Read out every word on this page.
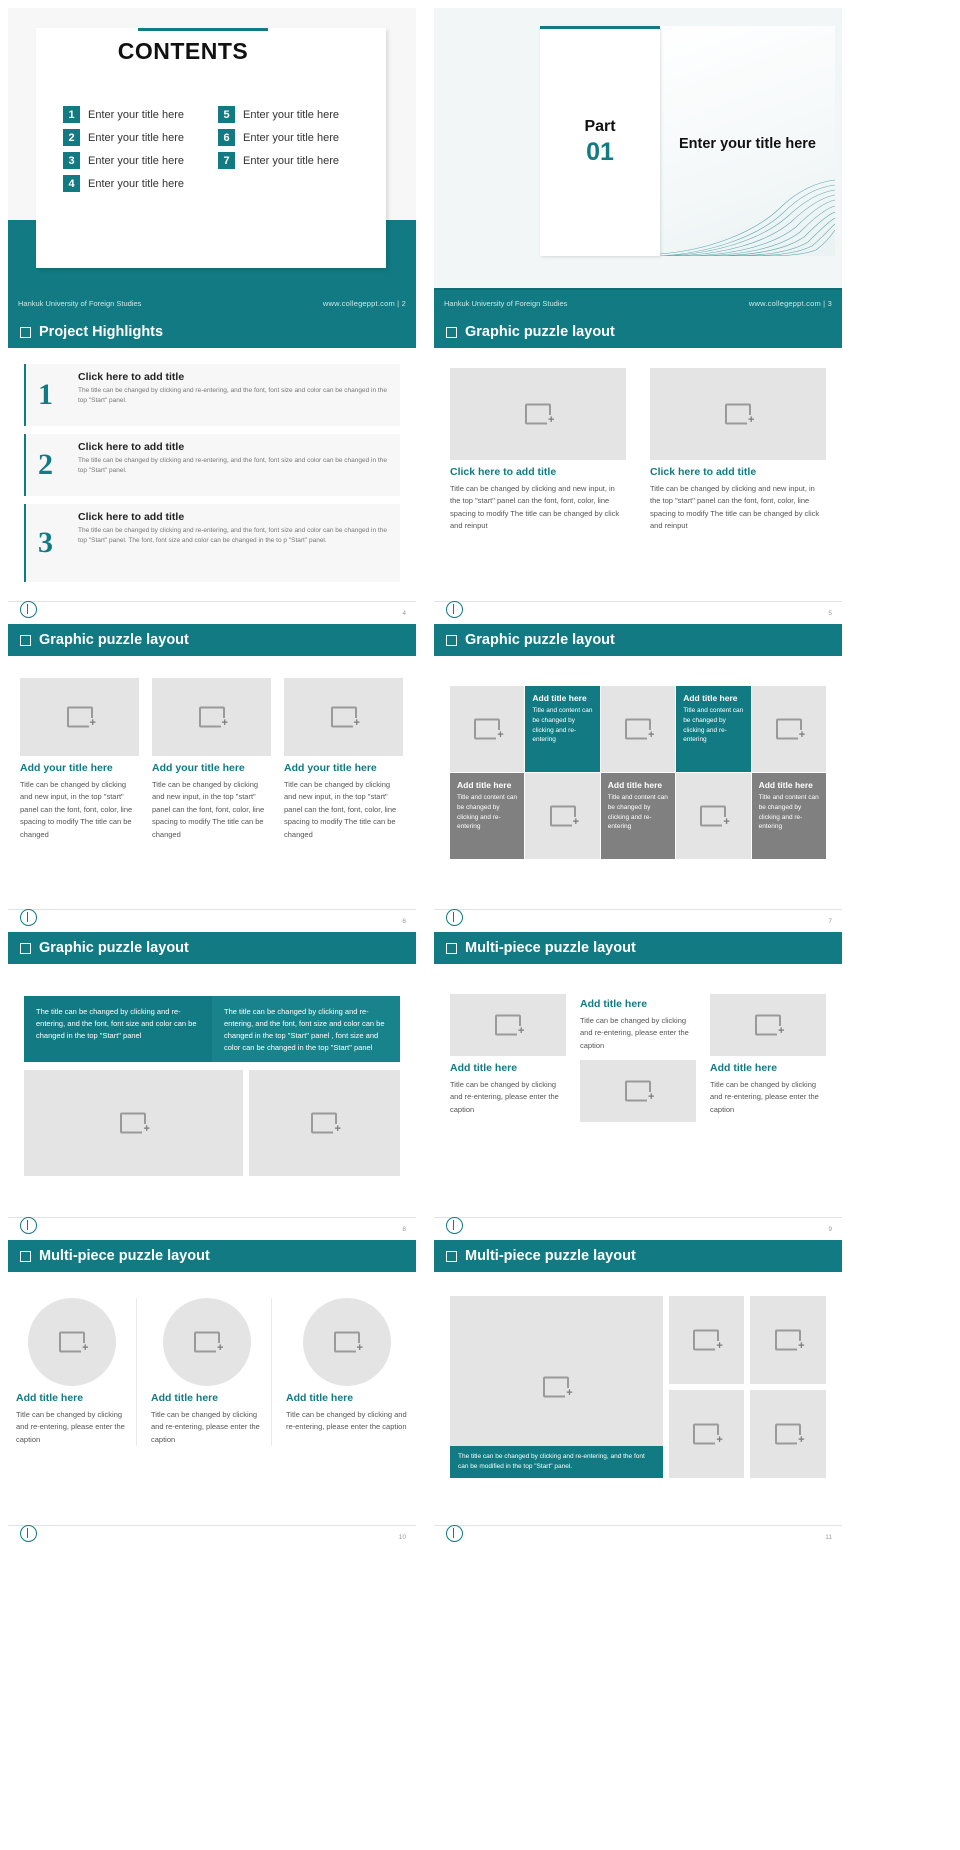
CONTENTS
1	Enter your title here	5	Enter your title here
2	Enter your title here	6	Enter your title here
3	Enter your title here	7	Enter your title here
4	Enter your title here
Hankuk University of Foreign Studies	www.collegeppt.com | 2
Enter your title here
Part
01
Hankuk University of Foreign Studies	www.collegeppt.com | 3
Project Highlights
1
Click here to add title
The title can be changed by clicking and re-entering, and the font, font size and color can be changed in the top "Start" panel.
2
Click here to add title
The title can be changed by clicking and re-entering, and the font, font size and color can be changed in the top "Start" panel.
3
Click here to add title
The title can be changed by clicking and re-entering, and the font, font size and color can be changed in the top "Start" panel. The font, font size and color can be changed in the to p "Start" panel.
4
Graphic puzzle layout
+
Click here to add title
Title can be changed by clicking and new input, in the top "start" panel can the font, font, color, line spacing to modify The title can be changed by click and reinput
+
Click here to add title
Title can be changed by clicking and new input, in the top "start" panel can the font, font, color, line spacing to modify The title can be changed by click and reinput
5
Graphic puzzle layout
+
Add your title here
Title can be changed by clicking and new input, in the top "start" panel can the font, font, color, line spacing to modify The title can be changed
+
Add your title here
Title can be changed by clicking and new input, in the top "start" panel can the font, font, color, line spacing to modify The title can be changed
+
Add your title here
Title can be changed by clicking and new input, in the top "start" panel can the font, font, color, line spacing to modify The title can be changed
6
Graphic puzzle layout
+
Add title here
Title and content can be changed by clicking and re-entering
+
Add title here
Title and content can be changed by clicking and re-entering
+
Add title here
Title and content can be changed by clicking and re-entering
+
Add title here
Title and content can be changed by clicking and re-entering
+
Add title here
Title and content can be changed by clicking and re-entering
7
Graphic puzzle layout
The title can be changed by clicking and re-entering, and the font, font size and color can be changed in the top "Start" panel
The title can be changed by clicking and re-entering, and the font, font size and color can be changed in the top "Start" panel , font size and color can be changed in the top "Start" panel
+
+
8
Multi-piece puzzle layout
+
Add title here
Title can be changed by clicking and re-entering, please enter the caption
Add title here
Title can be changed by clicking and re-entering, please enter the caption
+
+
Add title here
Title can be changed by clicking and re-entering, please enter the caption
9
Multi-piece puzzle layout
+
Add title here
Title can be changed by clicking and re-entering, please enter the caption
+
Add title here
Title can be changed by clicking and re-entering, please enter the caption
+
Add title here
Title can be changed by clicking and re-entering, please enter the caption
10
Multi-piece puzzle layout
+
The title can be changed by clicking and re-entering, and the font can be modified in the top "Start" panel.
+
+
+
+
11
